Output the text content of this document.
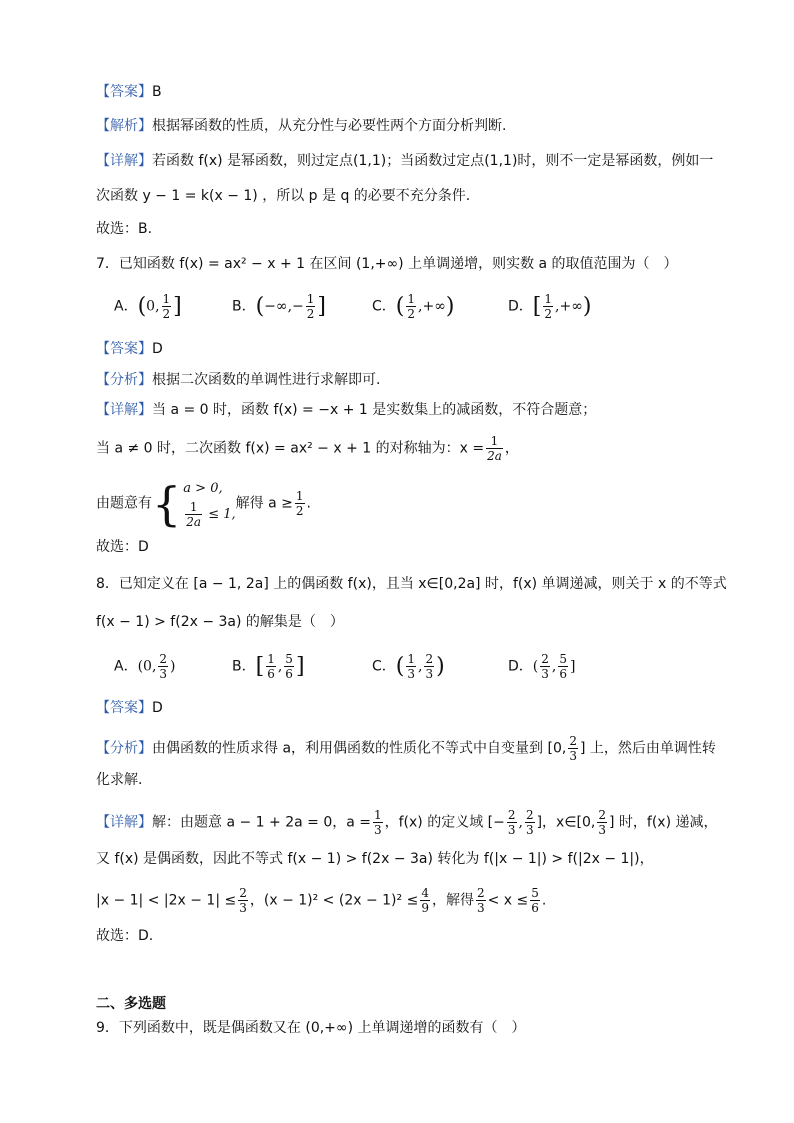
【答案】B
【解析】根据幂函数的性质，从充分性与必要性两个方面分析判断.
【详解】若函数 f(x) 是幂函数，则过定点(1,1)；当函数过定点(1,1)时，则不一定是幂函数，例如一
次函数 y − 1 = k(x − 1) ，所以 p 是 q 的必要不充分条件.
故选：B.
7．已知函数 f(x) = ax² − x + 1 在区间 (1,+∞) 上单调递增，则实数 a 的取值范围为（　）
A．(0, $\frac{1}{2}$ ]	B．(−∞,− $\frac{1}{2}$ ]	C．( $\frac{1}{2}$ ,+∞)	D．[ $\frac{1}{2}$ ,+∞)
【答案】D
【分析】根据二次函数的单调性进行求解即可.
【详解】当 a = 0 时，函数 f(x) = −x + 1 是实数集上的减函数，不符合题意；
当 a ≠ 0 时，二次函数 f(x) = ax² − x + 1 的对称轴为：$x = \frac{1}{2a}$ ，
由题意有{ a > 0,
$\frac{1}{2a} \le 1$,
解得 $a \ge \frac{1}{2}$ .
故选：D
8．已知定义在 [a − 1, 2a] 上的偶函数 f(x)，且当 x∈[0,2a] 时，f(x) 单调递减，则关于 x 的不等式
f(x − 1) > f(2x − 3a) 的解集是（　）
A．(0, $\frac{2}{3}$ )	B．[ $\frac{1}{6}$ , $\frac{5}{6}$ ]	C．( $\frac{1}{3}$ , $\frac{2}{3}$ )	D．( $\frac{2}{3}$ , $\frac{5}{6}$ ]
【答案】D
【分析】由偶函数的性质求得 a，利用偶函数的性质化不等式中自变量到 [0, $\frac{2}{3}$ ] 上，然后由单调性转
化求解.
【详解】解：由题意 a − 1 + 2a = 0，$a = \frac{1}{3}$ ，f(x) 的定义域 [− $\frac{2}{3}$ , $\frac{2}{3}$ ]，x∈[0, $\frac{2}{3}$ ] 时，f(x) 递减，
又 f(x) 是偶函数，因此不等式 f(x − 1) > f(2x − 3a) 转化为 f(|x − 1|) > f(|2x − 1|)，
$|x - 1| < |2x - 1| \le \frac{2}{3}$ ，$(x - 1)^2 < (2x - 1)^2 \le \frac{4}{9}$ ，解得 $\frac{2}{3} < x \le \frac{5}{6}$ .
故选：D.
二、多选题
9．下列函数中，既是偶函数又在 (0,+∞) 上单调递增的函数有（　）
